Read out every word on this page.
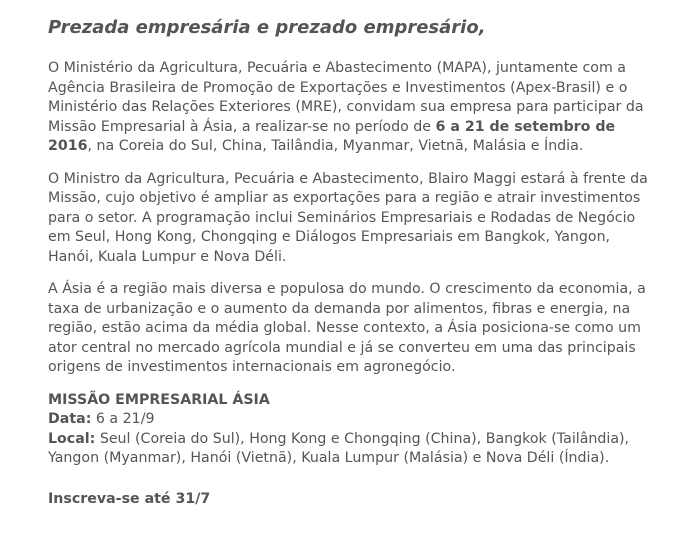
Prezada empresária e prezado empresário,

O Ministério da Agricultura, Pecuária e Abastecimento (MAPA), juntamente com a Agência Brasileira de Promoção de Exportações e Investimentos (Apex-Brasil) e o Ministério das Relações Exteriores (MRE), convidam sua empresa para participar da Missão Empresarial à Ásia, a realizar-se no período de 6 a 21 de setembro de 2016, na Coreia do Sul, China, Tailândia, Myanmar, Vietnã, Malásia e Índia.

O Ministro da Agricultura, Pecuária e Abastecimento, Blairo Maggi estará à frente da Missão, cujo objetivo é ampliar as exportações para a região e atrair investimentos para o setor. A programação inclui Seminários Empresariais e Rodadas de Negócio em Seul, Hong Kong, Chongqing e Diálogos Empresariais em Bangkok, Yangon, Hanói, Kuala Lumpur e Nova Déli.

A Ásia é a região mais diversa e populosa do mundo. O crescimento da economia, a taxa de urbanização e o aumento da demanda por alimentos, fibras e energia, na região, estão acima da média global. Nesse contexto, a Ásia posiciona-se como um ator central no mercado agrícola mundial e já se converteu em uma das principais origens de investimentos internacionais em agronegócio.

MISSÃO EMPRESARIAL ÁSIA
Data: 6 a 21/9
Local: Seul (Coreia do Sul), Hong Kong e Chongqing (China), Bangkok (Tailândia), Yangon (Myanmar), Hanói (Vietnã), Kuala Lumpur (Malásia) e Nova Déli (Índia).
Inscreva-se até 31/7
